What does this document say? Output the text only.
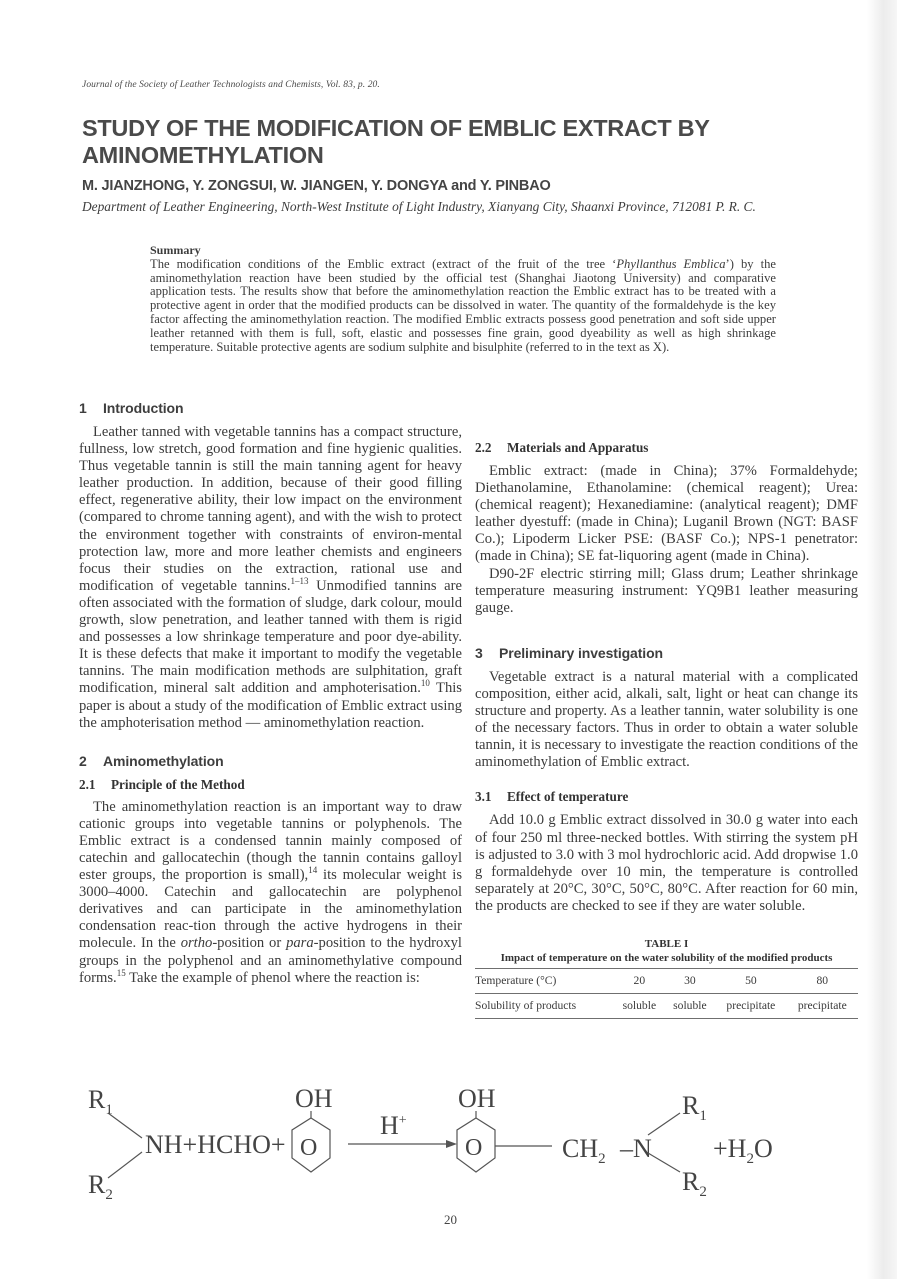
Journal of the Society of Leather Technologists and Chemists, Vol. 83, p. 20.
STUDY OF THE MODIFICATION OF EMBLIC EXTRACT BY AMINOMETHYLATION
M. JIANZHONG, Y. ZONGSUI, W. JIANGEN, Y. DONGYA and Y. PINBAO
Department of Leather Engineering, North-West Institute of Light Industry, Xianyang City, Shaanxi Province, 712081 P. R. C.
Summary
The modification conditions of the Emblic extract (extract of the fruit of the tree ‘Phyllanthus Emblica’) by the aminomethylation reaction have been studied by the official test (Shanghai Jiaotong University) and comparative application tests. The results show that before the aminomethylation reaction the Emblic extract has to be treated with a protective agent in order that the modified products can be dissolved in water. The quantity of the formaldehyde is the key factor affecting the aminomethylation reaction. The modified Emblic extracts possess good penetration and soft side upper leather retanned with them is full, soft, elastic and possesses fine grain, good dyeability as well as high shrinkage temperature. Suitable protective agents are sodium sulphite and bisulphite (referred to in the text as X).
1 Introduction

Leather tanned with vegetable tannins has a compact structure, fullness, low stretch, good formation and fine hygienic qualities. Thus vegetable tannin is still the main tanning agent for heavy leather production. In addition, because of their good filling effect, regenerative ability, their low impact on the environment (compared to chrome tanning agent), and with the wish to protect the environment together with constraints of environ-mental protection law, more and more leather chemists and engineers focus their studies on the extraction, rational use and modification of vegetable tannins.$^{1-13}$ Unmodified tannins are often associated with the formation of sludge, dark colour, mould growth, slow penetration, and leather tanned with them is rigid and possesses a low shrinkage temperature and poor dye-ability. It is these defects that make it important to modify the vegetable tannins. The main modification methods are sulphitation, graft modification, mineral salt addition and amphoterisation.$^{10}$ This paper is about a study of the modification of Emblic extract using the amphoterisation method — aminomethylation reaction.

2 Aminomethylation
2.1 Principle of the Method

The aminomethylation reaction is an important way to draw cationic groups into vegetable tannins or polyphenols. The Emblic extract is a condensed tannin mainly composed of catechin and gallocatechin (though the tannin contains galloyl ester groups, the proportion is small),$^{14}$ its molecular weight is 3000–4000. Catechin and gallocatechin are polyphenol derivatives and can participate in the aminomethylation condensation reac-tion through the active hydrogens in their molecule. In the ortho-position or para-position to the hydroxyl groups in the polyphenol and an aminomethylative compound forms.$^{15}$ Take the example of phenol where the reaction is:

2.2 Materials and Apparatus

Emblic extract: (made in China); 37% Formaldehyde; Diethanolamine, Ethanolamine: (chemical reagent); Urea: (chemical reagent); Hexanediamine: (analytical reagent); DMF leather dyestuff: (made in China); Luganil Brown (NGT: BASF Co.); Lipoderm Licker PSE: (BASF Co.); NPS-1 penetrator: (made in China); SE fat-liquoring agent (made in China).

D90-2F electric stirring mill; Glass drum; Leather shrinkage temperature measuring instrument: YQ9B1 leather measuring gauge.

3 Preliminary investigation

Vegetable extract is a natural material with a complicated composition, either acid, alkali, salt, light or heat can change its structure and property. As a leather tannin, water solubility is one of the necessary factors. Thus in order to obtain a water soluble tannin, it is necessary to investigate the reaction conditions of the aminomethylation of Emblic extract.

3.1 Effect of temperature

Add 10.0 g Emblic extract dissolved in 30.0 g water into each of four 250 ml three-necked bottles. With stirring the system pH is adjusted to 3.0 with 3 mol hydrochloric acid. Add dropwise 1.0 g formaldehyde over 10 min, the temperature is controlled separately at 20°C, 30°C, 50°C, 80°C. After reaction for 60 min, the products are checked to see if they are water soluble.

TABLE I
Impact of temperature on the water solubility of the modified products
Temperature (°C)	20	30	50	80
Solubility of products	soluble	soluble	precipitate	precipitate
$R_1$
$R_2$
NH+HCHO+
OH
O
H+
OH
O	$CH_2$ –N
$R_1$
$R_2$
$+H_2O$
20
